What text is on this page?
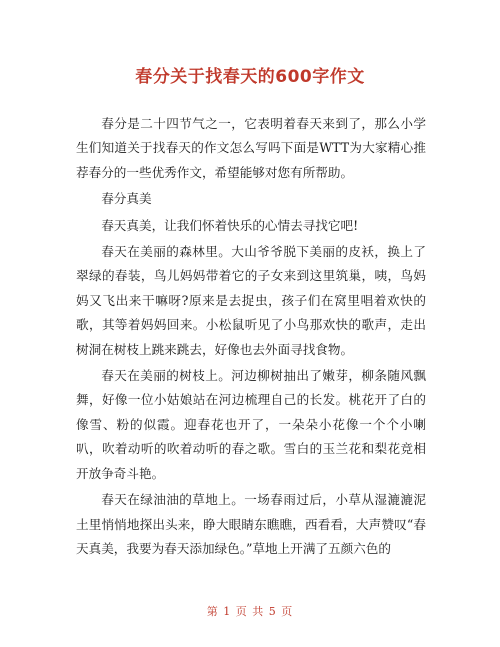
春分关于找春天的600字作文

春分是二十四节气之一，它表明着春天来到了，那么小学生们知道关于找春天的作文怎么写吗下面是WTT为大家精心推荐春分的一些优秀作文，希望能够对您有所帮助。

春分真美

春天真美，让我们怀着快乐的心情去寻找它吧!

春天在美丽的森林里。大山爷爷脱下美丽的皮袄，换上了翠绿的春装，鸟儿妈妈带着它的子女来到这里筑巢，咦，鸟妈妈又飞出来干嘛呀?原来是去捉虫，孩子们在窝里唱着欢快的歌，其等着妈妈回来。小松鼠听见了小鸟那欢快的歌声，走出树洞在树枝上跳来跳去，好像也去外面寻找食物。

春天在美丽的树枝上。河边柳树抽出了嫩芽，柳条随风飘舞，好像一位小姑娘站在河边梳理自己的长发。桃花开了白的像雪、粉的似霞。迎春花也开了，一朵朵小花像一个个小喇叭，吹着动听的吹着动听的春之歌。雪白的玉兰花和梨花竞相开放争奇斗艳。

春天在绿油油的草地上。一场春雨过后，小草从湿漉漉泥土里悄悄地探出头来，睁大眼睛东瞧瞧，西看看，大声赞叹“春天真美，我要为春天添加绿色。”草地上开满了五颜六色的

第 1 页 共 5 页
